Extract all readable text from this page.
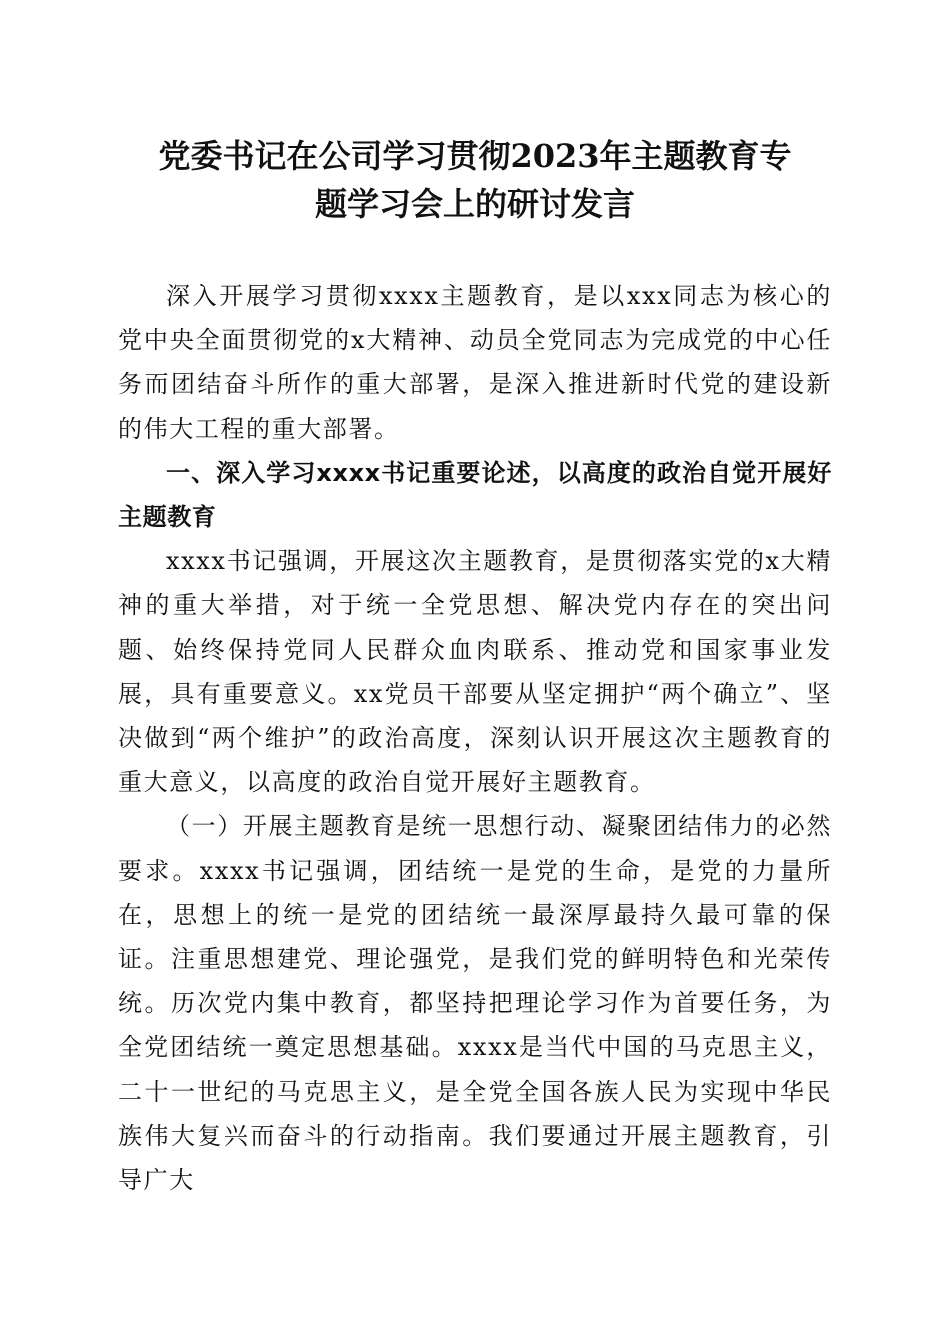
党委书记在公司学习贯彻2023年主题教育专
题学习会上的研讨发言

深入开展学习贯彻xxxx主题教育，是以xxx同志为核心的党中央全面贯彻党的x大精神、动员全党同志为完成党的中心任务而团结奋斗所作的重大部署，是深入推进新时代党的建设新的伟大工程的重大部署。

一、深入学习xxxx书记重要论述，以高度的政治自觉开展好主题教育

xxxx书记强调，开展这次主题教育，是贯彻落实党的x大精神的重大举措，对于统一全党思想、解决党内存在的突出问题、始终保持党同人民群众血肉联系、推动党和国家事业发展，具有重要意义。xx党员干部要从坚定拥护“两个确立”、坚决做到“两个维护”的政治高度，深刻认识开展这次主题教育的重大意义，以高度的政治自觉开展好主题教育。

（一）开展主题教育是统一思想行动、凝聚团结伟力的必然要求。xxxx书记强调，团结统一是党的生命，是党的力量所在，思想上的统一是党的团结统一最深厚最持久最可靠的保证。注重思想建党、理论强党，是我们党的鲜明特色和光荣传统。历次党内集中教育，都坚持把理论学习作为首要任务，为全党团结统一奠定思想基础。xxxx是当代中国的马克思主义，二十一世纪的马克思主义，是全党全国各族人民为实现中华民族伟大复兴而奋斗的行动指南。我们要通过开展主题教育，引导广大
